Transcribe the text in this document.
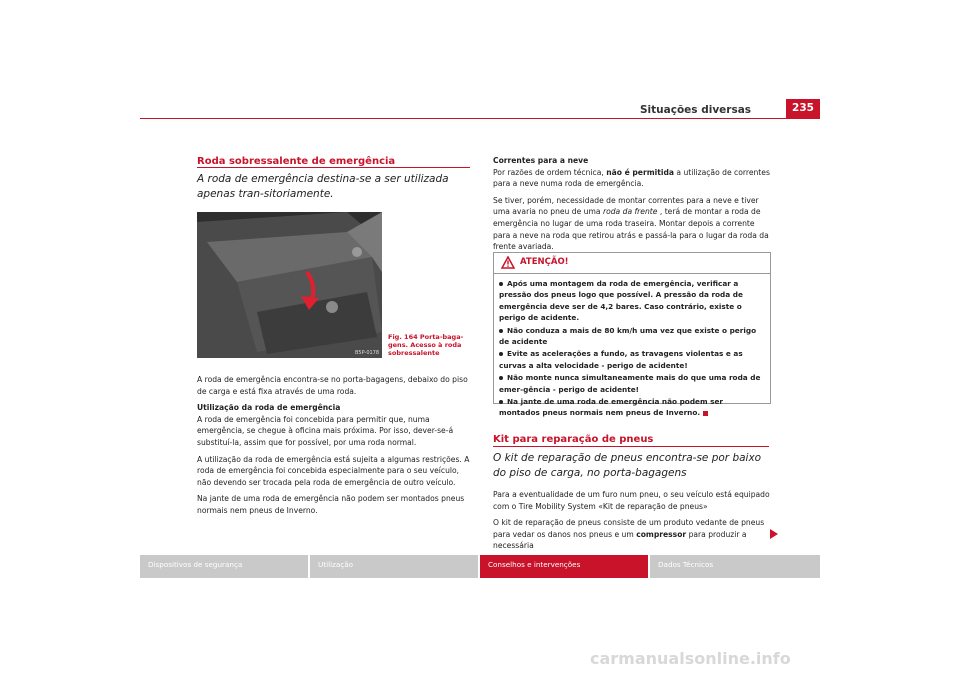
Situações diversas	235
Roda sobressalente de emergência
A roda de emergência destina-se a ser utilizada apenas tran-sitoriamente.
B5P-0178
Fig. 164 Porta-baga-gens. Acesso à roda sobressalente

A roda de emergência encontra-se no porta-bagagens, debaixo do piso de carga e está fixa através de uma roda.

Utilização da roda de emergência

A roda de emergência foi concebida para permitir que, numa emergência, se chegue à oficina mais próxima. Por isso, dever-se-á substituí-la, assim que for possível, por uma roda normal.

A utilização da roda de emergência está sujeita a algumas restrições. A roda de emergência foi concebida especialmente para o seu veículo, não devendo ser trocada pela roda de emergência de outro veículo.

Na jante de uma roda de emergência não podem ser montados pneus normais nem pneus de Inverno.

Correntes para a neve

Por razões de ordem técnica, não é permitida a utilização de correntes para a neve numa roda de emergência.

Se tiver, porém, necessidade de montar correntes para a neve e tiver uma avaria no pneu de uma roda da frente , terá de montar a roda de emergência no lugar de uma roda traseira. Montar depois a corrente para a neve na roda que retirou atrás e passá-la para o lugar da roda da frente avariada.

ATENÇÃO!
Após uma montagem da roda de emergência, verificar a pressão dos pneus logo que possível. A pressão da roda de emergência deve ser de 4,2 bares. Caso contrário, existe o perigo de acidente.
Não conduza a mais de 80 km/h uma vez que existe o perigo de acidente
Evite as acelerações a fundo, as travagens violentas e as curvas a alta velocidade - perigo de acidente!
Não monte nunca simultaneamente mais do que uma roda de emer-gência - perigo de acidente!
Na jante de uma roda de emergência não podem ser montados pneus normais nem pneus de Inverno.
Kit para reparação de pneus
O kit de reparação de pneus encontra-se por baixo do piso de carga, no porta-bagagens

Para a eventualidade de um furo num pneu, o seu veículo está equipado com o Tire Mobility System «Kit de reparação de pneus»

O kit de reparação de pneus consiste de um produto vedante de pneus para vedar os danos nos pneus e um compressor para produzir a necessária

Dispositivos de segurança	Utilização	Conselhos e intervenções	Dados Técnicos
carmanualsonline.info
